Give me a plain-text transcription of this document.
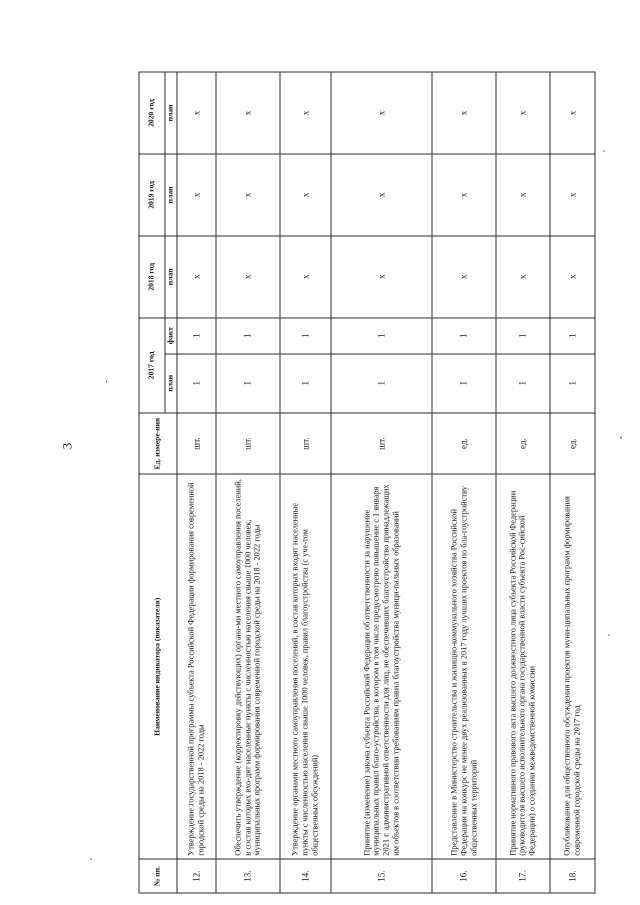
3
№ пп.	Наименование индикатора (показателя)	Ед. измере-ния	2017 год		2018 год	2019 год	2020 год
			план	факт	план	план	план
12.	Утверждение государственной программы субъекта Российской Федерации формирования современной городской среды на 2018 - 2022 годы	шт.	1	1	x	x	x
13.	Обеспечить утверждение (корректировку действующих) органа-ми местного самоуправления поселений, в состав которых вхо-дят населенные пункты с численностью населения свыше 1000 человек, муниципальных программ формирования современной городской среды на 2018 - 2022 годы	шт.	1	1	x	x	x
14.	Утверждение органами местного самоуправления поселений, в состав которых входят населенные пункты с численностью населения свыше 1000 человек, правил благоустройства (с уче-том общественных обсуждений)	шт.	1	1	x	x	x
15.	Принятие (изменение) закона субъекта Российской Федерации об ответственности за нарушение муниципальных правил благо-устройства, в котором в том числе предусмотрено повышение с 1 января 2021 г. административной ответственности для лиц, не обеспечивших благоустройство принадлежащих им объектов в соответствии требованиям правил благоустройства муници-пальных образований	шт.	1	1	x	x	x
16.	Представление в Министерство строительства и жилищно-коммунального хозяйства Российской Федерации на конкурс не менее двух реализованных в 2017 году лучших проектов по бла-гоустройству общественных территорий	ед.	1	1	x	x	x
17.	Принятие нормативного правового акта высшего должностного лица субъекта Российской Федерации (руководителя высшего исполнительного органа государственной власти субъекта Рос-сийской Федерации) о создании межведомственной комиссии	ед.	1	1	x	x	x
18.	Опубликование для общественного обсуждения проектов муни-ципальных программ формирования современной городской среды на 2017 год	ед.	1	1	x	x	x
